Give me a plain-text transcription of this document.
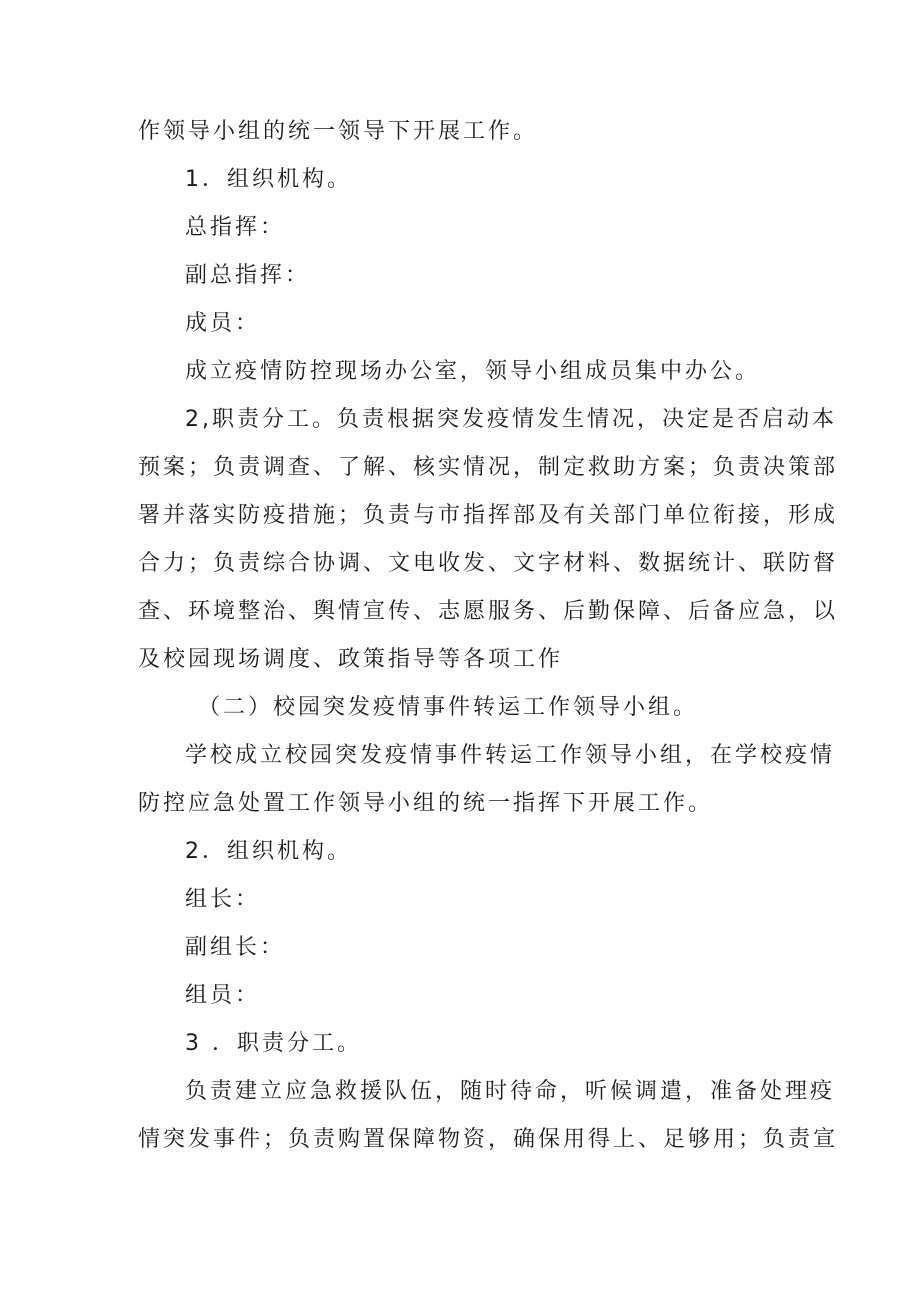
作领导小组的统一领导下开展工作。

1．组织机构。

总指挥：

副总指挥：

成员：

成立疫情防控现场办公室，领导小组成员集中办公。

2,职责分工。负责根据突发疫情发生情况，决定是否启动本

预案；负责调查、了解、核实情况，制定救助方案；负责决策部

署并落实防疫措施；负责与市指挥部及有关部门单位衔接，形成

合力；负责综合协调、文电收发、文字材料、数据统计、联防督

查、环境整治、舆情宣传、志愿服务、后勤保障、后备应急，以

及校园现场调度、政策指导等各项工作

（二）校园突发疫情事件转运工作领导小组。

学校成立校园突发疫情事件转运工作领导小组，在学校疫情

防控应急处置工作领导小组的统一指挥下开展工作。

2．组织机构。

组长：

副组长：

组员：

3 ．职责分工。

负责建立应急救援队伍，随时待命，听候调遣，准备处理疫

情突发事件；负责购置保障物资，确保用得上、足够用；负责宣
